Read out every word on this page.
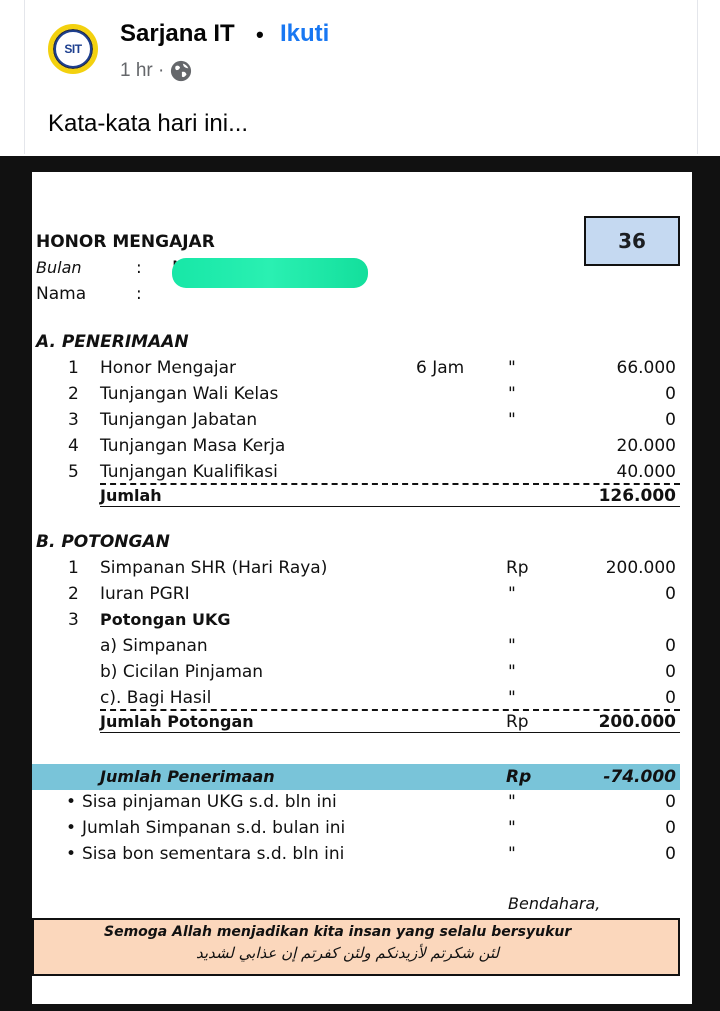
SIT
Sarjana IT • Ikuti
1 hr ·
Kata-kata hari ini...
HONOR MENGAJAR
Bulan	:
Nama	:
36
A. PENERIMAAN
1 Honor Mengajar	6 Jam	"	66.000
2 Tunjangan Wali Kelas	"	0
3 Tunjangan Jabatan	"	0
4 Tunjangan Masa Kerja	20.000
5 Tunjangan Kualifikasi	40.000
Jumlah	126.000
B. POTONGAN
1 Simpanan SHR (Hari Raya)	Rp	200.000
2 Iuran PGRI	"	0
3 Potongan UKG
a) Simpanan	"	0
b) Cicilan Pinjaman	"	0
c). Bagi Hasil	"	0
Jumlah Potongan	Rp	200.000
Jumlah Penerimaan	Rp	-74.000
• Sisa pinjaman UKG s.d. bln ini	"	0
• Jumlah Simpanan s.d. bulan ini	"	0
• Sisa bon sementara s.d. bln ini	"	0
Bendahara,
Semoga Allah menjadikan kita insan yang selalu bersyukur
لئن شكرتم لأزيدنكم ولئن كفرتم إن عذابي لشديد
